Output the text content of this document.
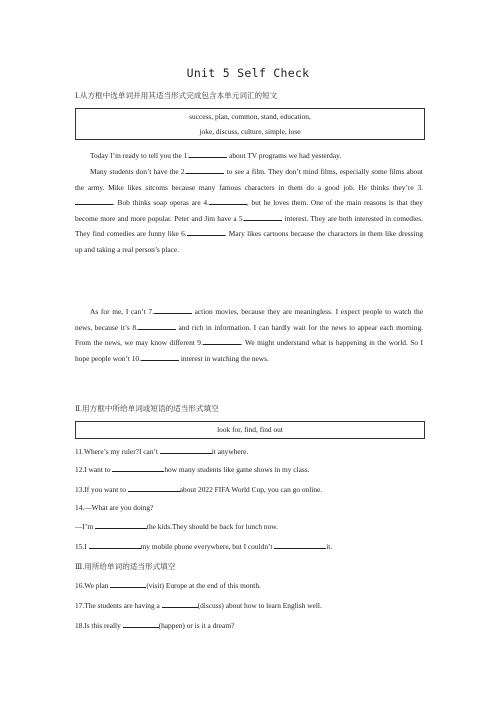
Unit 5 Self Check
Ⅰ.从方框中选单词并用其适当形式完成包含本单元词汇的短文
success, plan, common, stand, education,
joke, discuss, culture, simple, lose

Today I’m ready to tell you the 1.	about TV programs we had yesterday.

Many students don’t have the 2.	to see a film. They don’t mind films, especially some films about the army. Mike likes sitcoms because many famous characters in them do a good job. He thinks they’re 3.. Bob thinks soap operas are 4.	, but he loves them. One of the main reasons is that they become more and more popular. Peter and Jim have a 5.	interest. They are both interested in comedies. They find comedies are funny like 6.	. Mary likes cartoons because the characters in them like dressing up and taking a real person’s place.

As for me, I can’t 7.	action movies, because they are meaningless. I expect people to watch the news, because it’s 8.	and rich in information. I can hardly wait for the news to appear each morning. From the news, we may know different 9.	. We might understand what is happening in the world. So I hope people won’t 10.	interest in watching the news.

Ⅱ.用方框中所给单词或短语的适当形式填空
look for, find, find out
11.Where’s my ruler?I can’t	it anywhere.
12.I want to	how many students like game shows in my class.
13.If you want to	about 2022 FIFA World Cup, you can go online.
14.—What are you doing?
—I’m	the kids.They should be back for lunch now.
15.I	my mobile phone everywhere, but I couldn’t	it.
Ⅲ.用所给单词的适当形式填空
16.We plan	(visit) Europe at the end of this month.
17.The students are having a	(discuss) about how to learn English well.
18.Is this really	(happen) or is it a dream?
